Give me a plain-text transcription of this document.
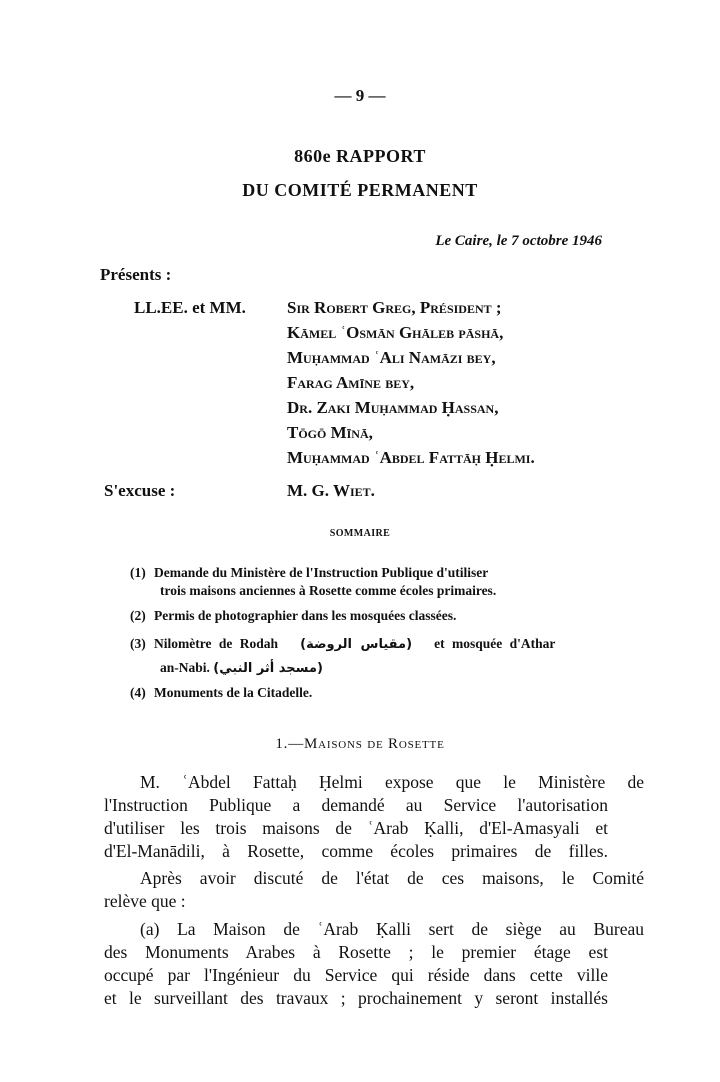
— 9 —
860e RAPPORT
DU COMITÉ PERMANENT
Le Caire, le 7 octobre 1946
Présents :
LL.EE. et MM. Sir Robert Greg, Président ;
Kāmel ʿOsmān Ghāleb pāshā,
Muḥammad ʿAli Namāzi bey,
Farag Amīne bey,
Dr. Zaki Muḥammad Ḥassan,
Tōgō Mīnā,
Muḥammad ʿAbdel Fattāḥ Ḥelmi.
S'excuse :	M. G. Wiet.
SOMMAIRE
(1) Demande du Ministère de l'Instruction Publique d'utiliser
trois maisons anciennes à Rosette comme écoles primaires.
(2) Permis de photographier dans les mosquées classées.
(3) Nilomètre de Rodah (مقياس الروضة) et mosquée d'Athar
an-Nabi. (مسجد أثر النبي)
(4) Monuments de la Citadelle.
1.—Maisons de Rosette
M. ʿAbdel Fattaḥ Ḥelmi expose que le Ministère de
l'Instruction Publique a demandé au Service l'autorisation
d'utiliser les trois maisons de ʿArab Ḳalli, d'El-Amasyali et
d'El-Manādili, à Rosette, comme écoles primaires de filles.
Après avoir discuté de l'état de ces maisons, le Comité
relève que :
(a) La Maison de ʿArab Ḳalli sert de siège au Bureau
des Monuments Arabes à Rosette ; le premier étage est
occupé par l'Ingénieur du Service qui réside dans cette ville
et le surveillant des travaux ; prochainement y seront installés
